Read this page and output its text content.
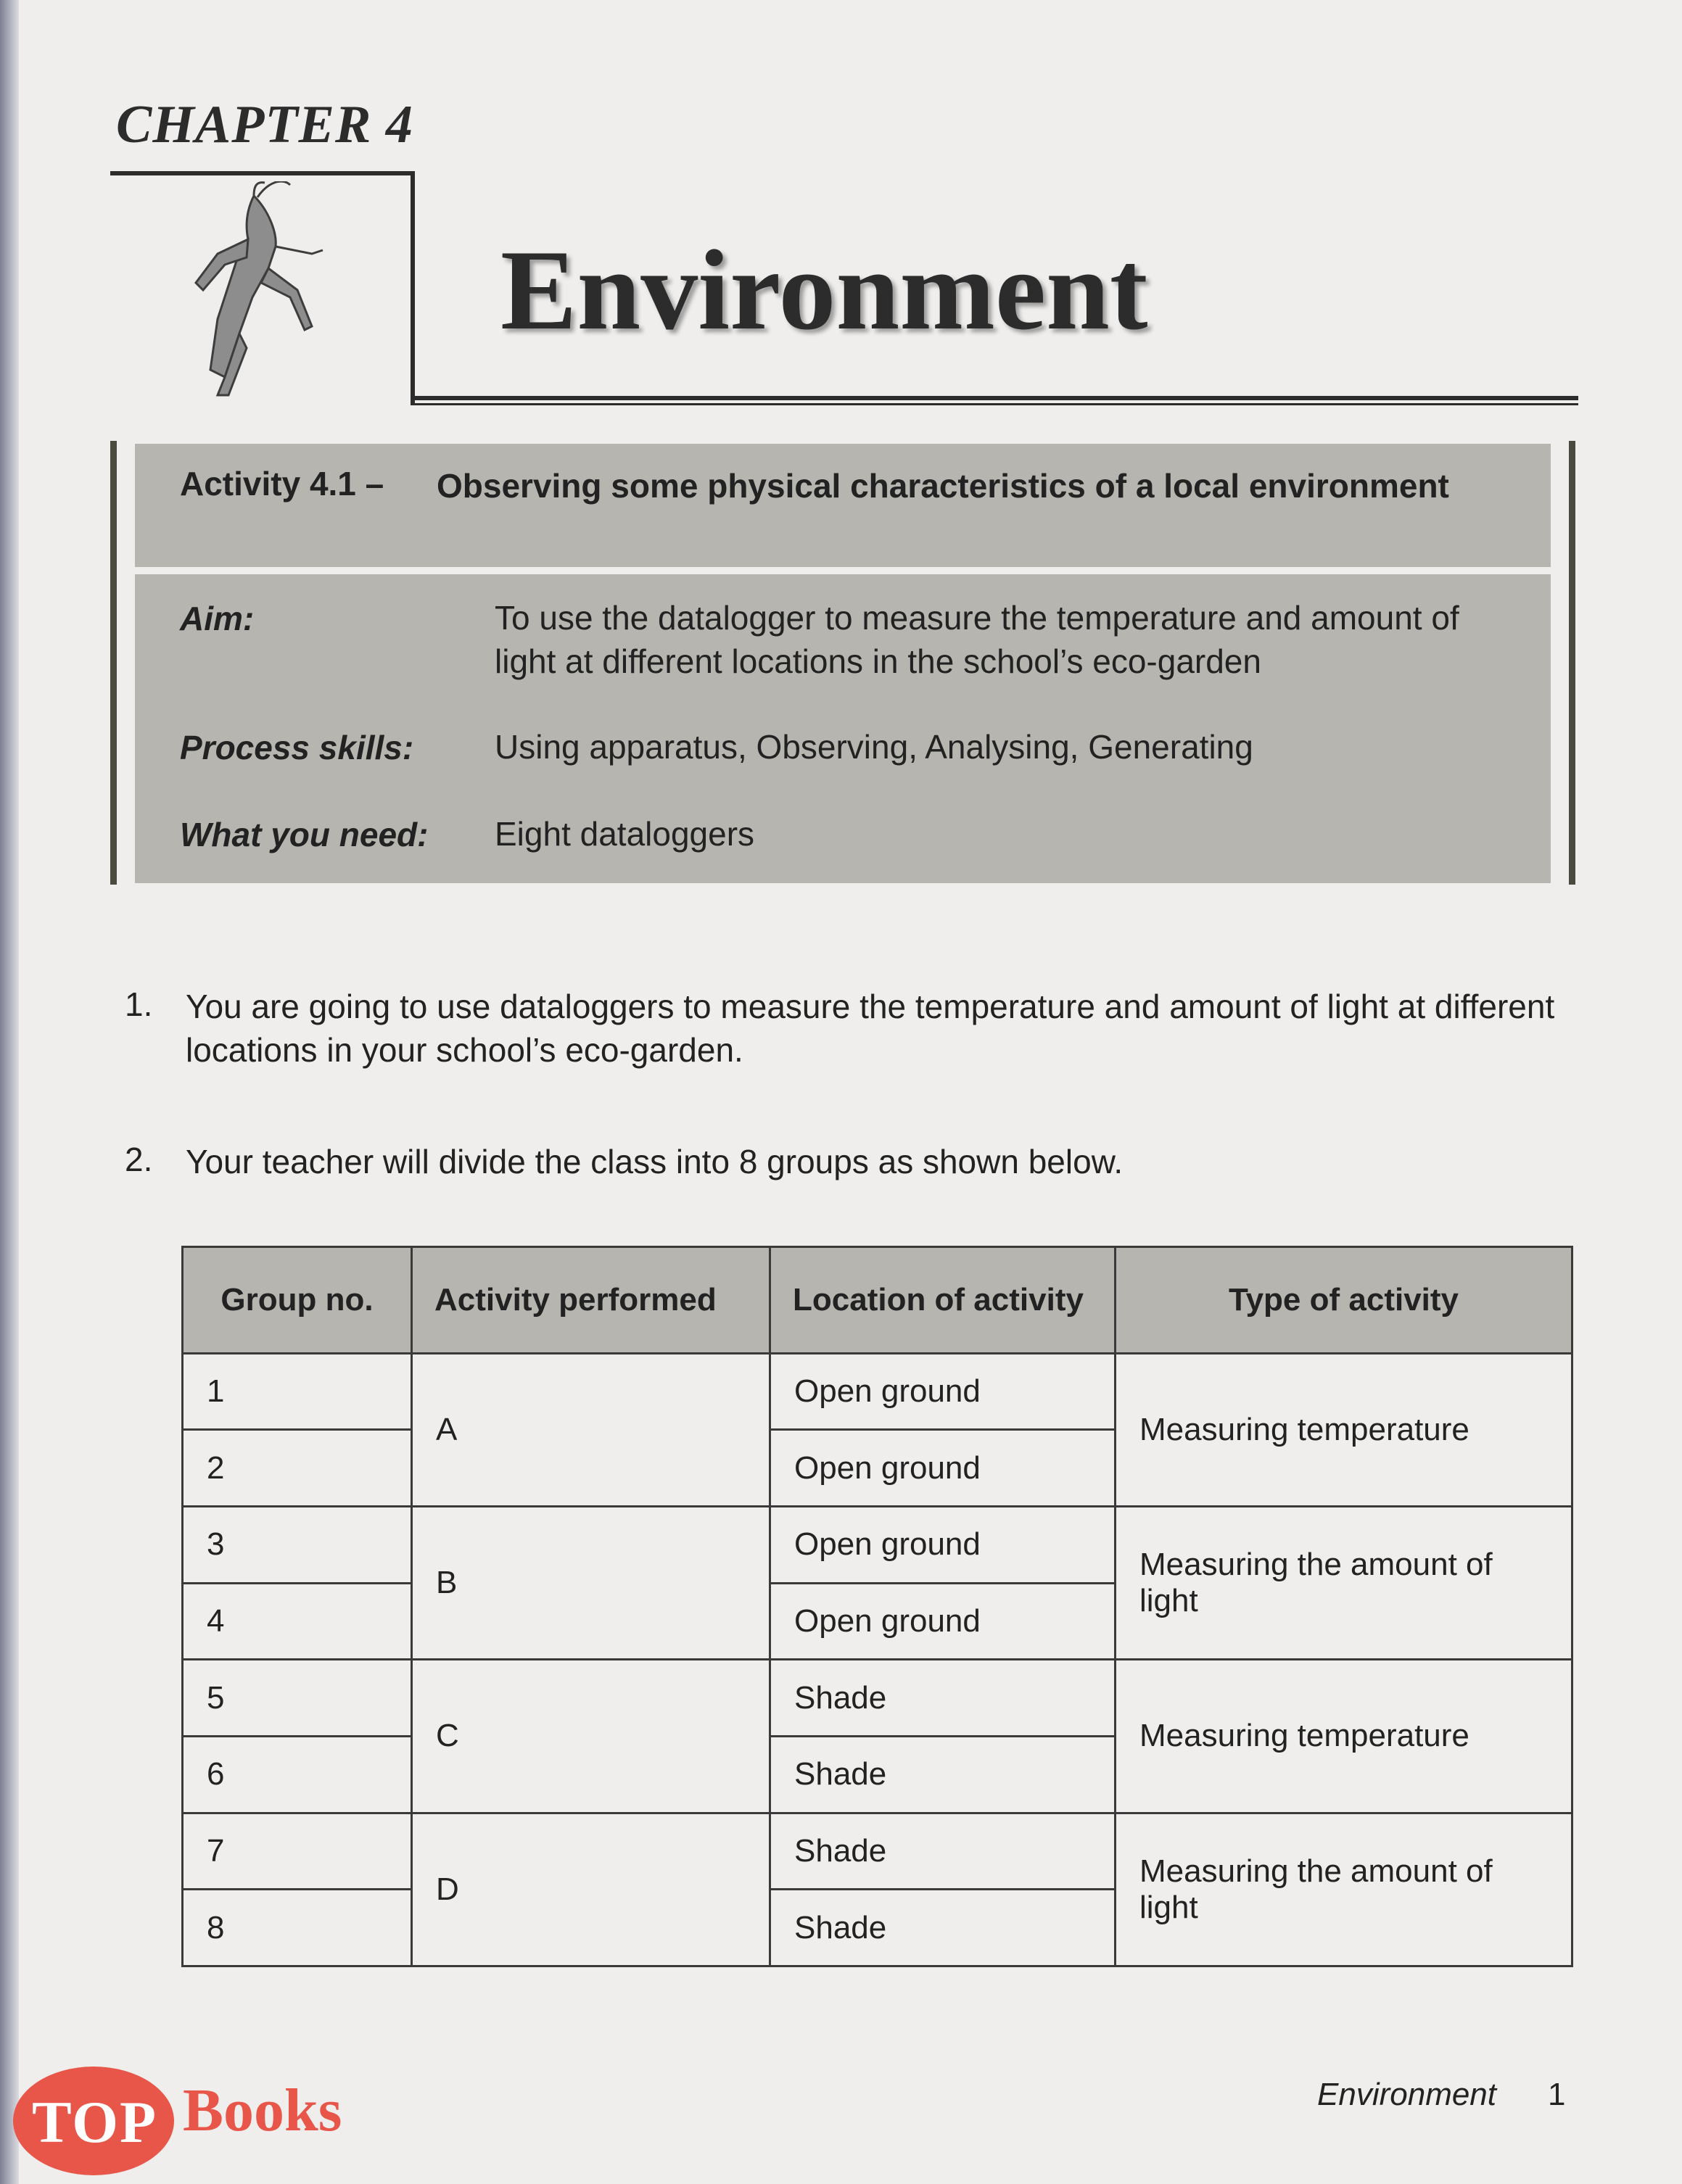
CHAPTER 4
Environment
Activity 4.1 – Observing some physical characteristics of a local environment
Aim:	To use the datalogger to measure the temperature and amount of light at different locations in the school’s eco-garden
Process skills: Using apparatus, Observing, Analysing, Generating
What you need: Eight dataloggers
1. You are going to use dataloggers to measure the temperature and amount of light at different locations in your school’s eco-garden.
2. Your teacher will divide the class into 8 groups as shown below.
Group no.	Activity performed	Location of activity	Type of activity
1	A	Open ground	Measuring temperature
2		Open ground	
3	B	Open ground	Measuring the amount of light
4		Open ground	
5	C	Shade	Measuring temperature
6		Shade	
7	D	Shade	Measuring the amount of light
8		Shade	
Environment 1
TOP Books
